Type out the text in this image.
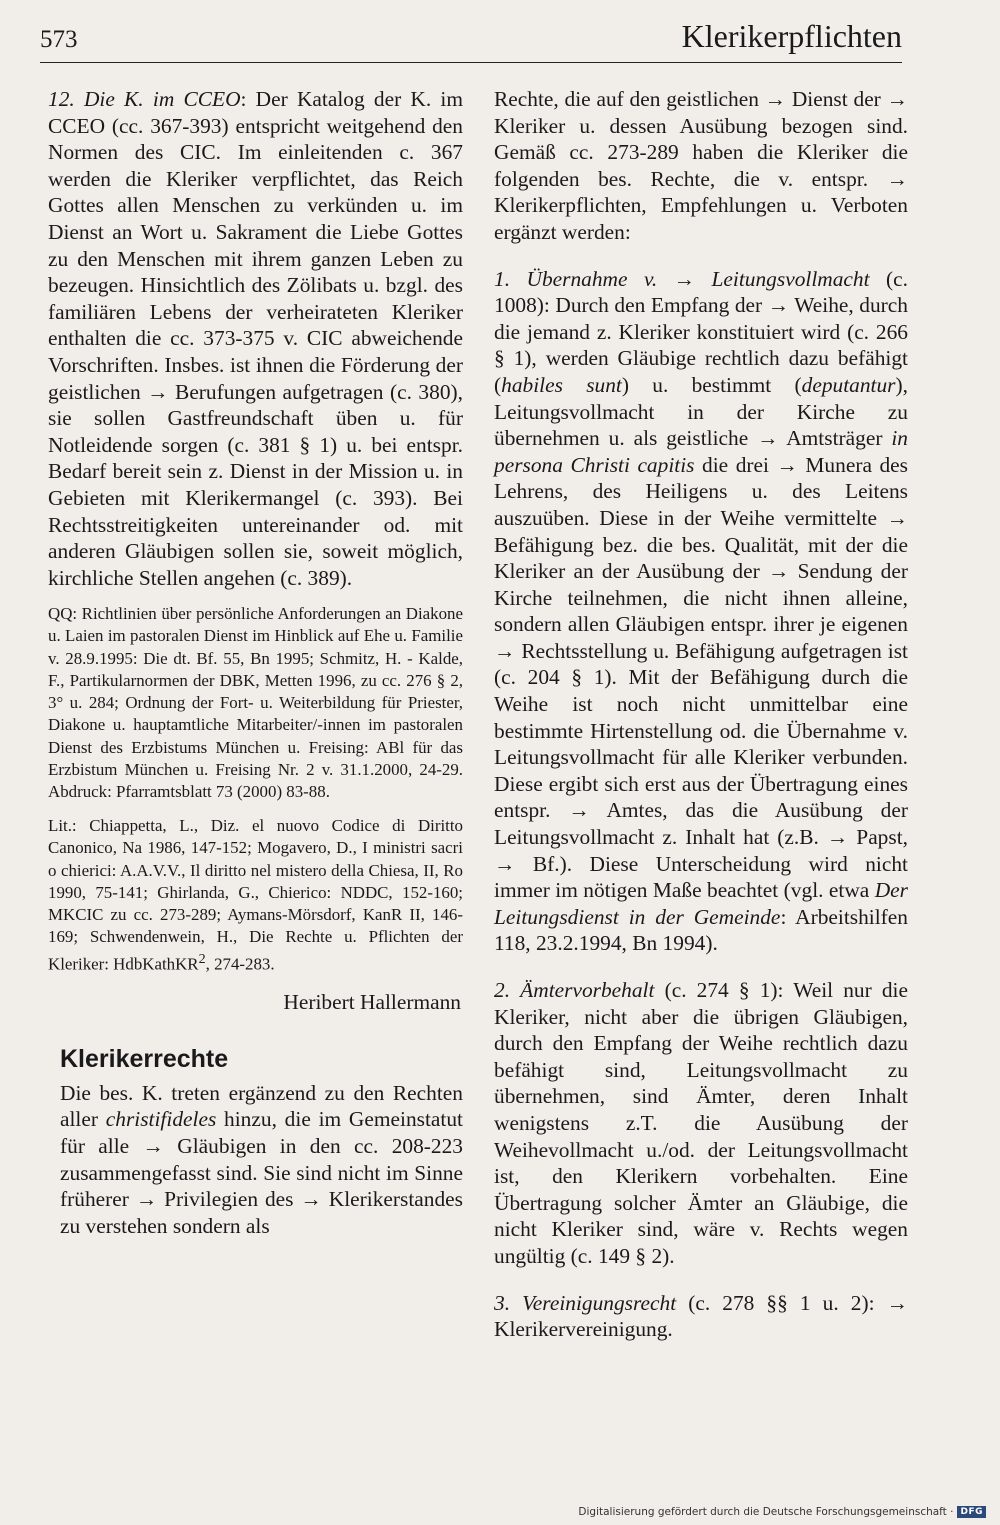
573	Klerikerpflichten

12. Die K. im CCEO: Der Katalog der K. im CCEO (cc. 367-393) entspricht weitgehend den Normen des CIC. Im einleitenden c. 367 werden die Kleriker verpflichtet, das Reich Gottes allen Menschen zu verkünden u. im Dienst an Wort u. Sakrament die Liebe Gottes zu den Menschen mit ihrem ganzen Leben zu bezeugen. Hinsichtlich des Zölibats u. bzgl. des familiären Lebens der verheirateten Kleriker enthalten die cc. 373-375 v. CIC abweichende Vorschriften. Insbes. ist ihnen die Förderung der geistlichen → Berufungen aufgetragen (c. 380), sie sollen Gastfreundschaft üben u. für Notleidende sorgen (c. 381 § 1) u. bei entspr. Bedarf bereit sein z. Dienst in der Mission u. in Gebieten mit Klerikermangel (c. 393). Bei Rechtsstreitigkeiten untereinander od. mit anderen Gläubigen sollen sie, soweit möglich, kirchliche Stellen angehen (c. 389).

QQ: Richtlinien über persönliche Anforderungen an Diakone u. Laien im pastoralen Dienst im Hinblick auf Ehe u. Familie v. 28.9.1995: Die dt. Bf. 55, Bn 1995; Schmitz, H. - Kalde, F., Partikularnormen der DBK, Metten 1996, zu cc. 276 § 2, 3° u. 284; Ordnung der Fort- u. Weiterbildung für Priester, Diakone u. hauptamtliche Mitarbeiter/-innen im pastoralen Dienst des Erzbistums München u. Freising: ABl für das Erzbistum München u. Freising Nr. 2 v. 31.1.2000, 24-29. Abdruck: Pfarramtsblatt 73 (2000) 83-88.

Lit.: Chiappetta, L., Diz. el nuovo Codice di Diritto Canonico, Na 1986, 147-152; Mogavero, D., I ministri sacri o chierici: A.A.V.V., Il diritto nel mistero della Chiesa, II, Ro 1990, 75-141; Ghirlanda, G., Chierico: NDDC, 152-160; MKCIC zu cc. 273-289; Aymans-Mörsdorf, KanR II, 146-169; Schwendenwein, H., Die Rechte u. Pflichten der Kleriker: HdbKathKR$^2$, 274-283.

Heribert Hallermann

Klerikerrechte

Die bes. K. treten ergänzend zu den Rechten aller christifideles hinzu, die im Gemeinstatut für alle → Gläubigen in den cc. 208-223 zusammengefasst sind. Sie sind nicht im Sinne früherer → Privilegien des → Klerikerstandes zu verstehen sondern als

Rechte, die auf den geistlichen → Dienst der → Kleriker u. dessen Ausübung bezogen sind. Gemäß cc. 273-289 haben die Kleriker die folgenden bes. Rechte, die v. entspr. → Klerikerpflichten, Empfehlungen u. Verboten ergänzt werden:

1. Übernahme v. → Leitungsvollmacht (c. 1008): Durch den Empfang der → Weihe, durch die jemand z. Kleriker konstituiert wird (c. 266 § 1), werden Gläubige rechtlich dazu befähigt (habiles sunt) u. bestimmt (deputantur), Leitungsvollmacht in der Kirche zu übernehmen u. als geistliche → Amtsträger in persona Christi capitis die drei → Munera des Lehrens, des Heiligens u. des Leitens auszuüben. Diese in der Weihe vermittelte → Befähigung bez. die bes. Qualität, mit der die Kleriker an der Ausübung der → Sendung der Kirche teilnehmen, die nicht ihnen alleine, sondern allen Gläubigen entspr. ihrer je eigenen → Rechtsstellung u. Befähigung aufgetragen ist (c. 204 § 1). Mit der Befähigung durch die Weihe ist noch nicht unmittelbar eine bestimmte Hirtenstellung od. die Übernahme v. Leitungsvollmacht für alle Kleriker verbunden. Diese ergibt sich erst aus der Übertragung eines entspr. → Amtes, das die Ausübung der Leitungsvollmacht z. Inhalt hat (z.B. → Papst, → Bf.). Diese Unterscheidung wird nicht immer im nötigen Maße beachtet (vgl. etwa Der Leitungsdienst in der Gemeinde: Arbeitshilfen 118, 23.2.1994, Bn 1994).

2. Ämtervorbehalt (c. 274 § 1): Weil nur die Kleriker, nicht aber die übrigen Gläubigen, durch den Empfang der Weihe rechtlich dazu befähigt sind, Leitungsvollmacht zu übernehmen, sind Ämter, deren Inhalt wenigstens z.T. die Ausübung der Weihevollmacht u./od. der Leitungsvollmacht ist, den Klerikern vorbehalten. Eine Übertragung solcher Ämter an Gläubige, die nicht Kleriker sind, wäre v. Rechts wegen ungültig (c. 149 § 2).

3. Vereinigungsrecht (c. 278 §§ 1 u. 2): → Klerikervereinigung.

Digitalisierung gefördert durch die Deutsche Forschungsgemeinschaft · DFG
